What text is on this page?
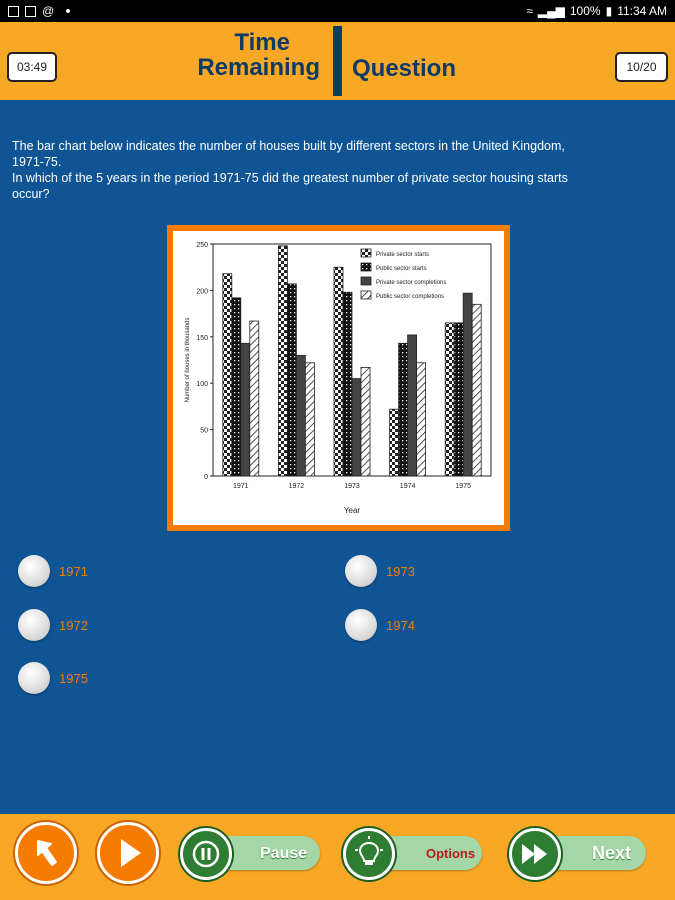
@	≈ ▂▄▆ 100% ▮ 11:34 AM
03:49
Time
Remaining Question	10/20
The bar chart below indicates the number of houses built by different sectors in the United Kingdom,
1971-75.
In which of the 5 years in the period 1971-75 did the greatest number of private sector housing starts
occur?
0
50
100
150
200
250
Number of houses in thousands
Year
1971	1972	1973	1974	1975
Private sector starts
Public sector starts
Private sector completions
Public sector completions
1971	1973
1972	1974
1975
Pause	Options	Next
